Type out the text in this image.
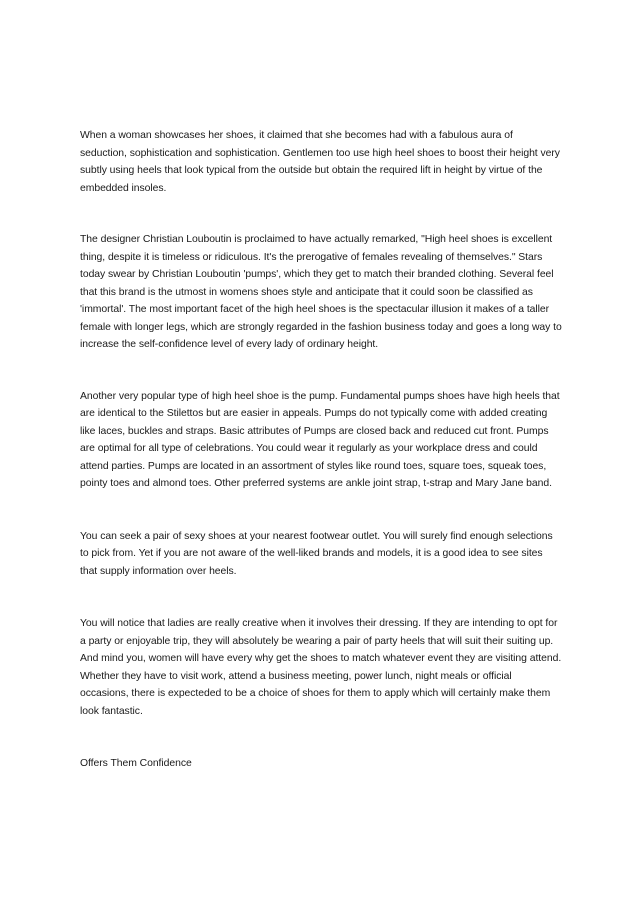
When a woman showcases her shoes, it claimed that she becomes had with a fabulous aura of seduction, sophistication and sophistication. Gentlemen too use high heel shoes to boost their height very subtly using heels that look typical from the outside but obtain the required lift in height by virtue of the embedded insoles.

The designer Christian Louboutin is proclaimed to have actually remarked, "High heel shoes is excellent thing, despite it is timeless or ridiculous. It's the prerogative of females revealing of themselves." Stars today swear by Christian Louboutin 'pumps', which they get to match their branded clothing. Several feel that this brand is the utmost in womens shoes style and anticipate that it could soon be classified as 'immortal'. The most important facet of the high heel shoes is the spectacular illusion it makes of a taller female with longer legs, which are strongly regarded in the fashion business today and goes a long way to increase the self-confidence level of every lady of ordinary height.

Another very popular type of high heel shoe is the pump. Fundamental pumps shoes have high heels that are identical to the Stilettos but are easier in appeals. Pumps do not typically come with added creating like laces, buckles and straps. Basic attributes of Pumps are closed back and reduced cut front. Pumps are optimal for all type of celebrations. You could wear it regularly as your workplace dress and could attend parties. Pumps are located in an assortment of styles like round toes, square toes, squeak toes, pointy toes and almond toes. Other preferred systems are ankle joint strap, t-strap and Mary Jane band.

You can seek a pair of sexy shoes at your nearest footwear outlet. You will surely find enough selections to pick from. Yet if you are not aware of the well-liked brands and models, it is a good idea to see sites that supply information over heels.

You will notice that ladies are really creative when it involves their dressing. If they are intending to opt for a party or enjoyable trip, they will absolutely be wearing a pair of party heels that will suit their suiting up. And mind you, women will have every why get the shoes to match whatever event they are visiting attend. Whether they have to visit work, attend a business meeting, power lunch, night meals or official occasions, there is expecteded to be a choice of shoes for them to apply which will certainly make them look fantastic.

Offers Them Confidence
